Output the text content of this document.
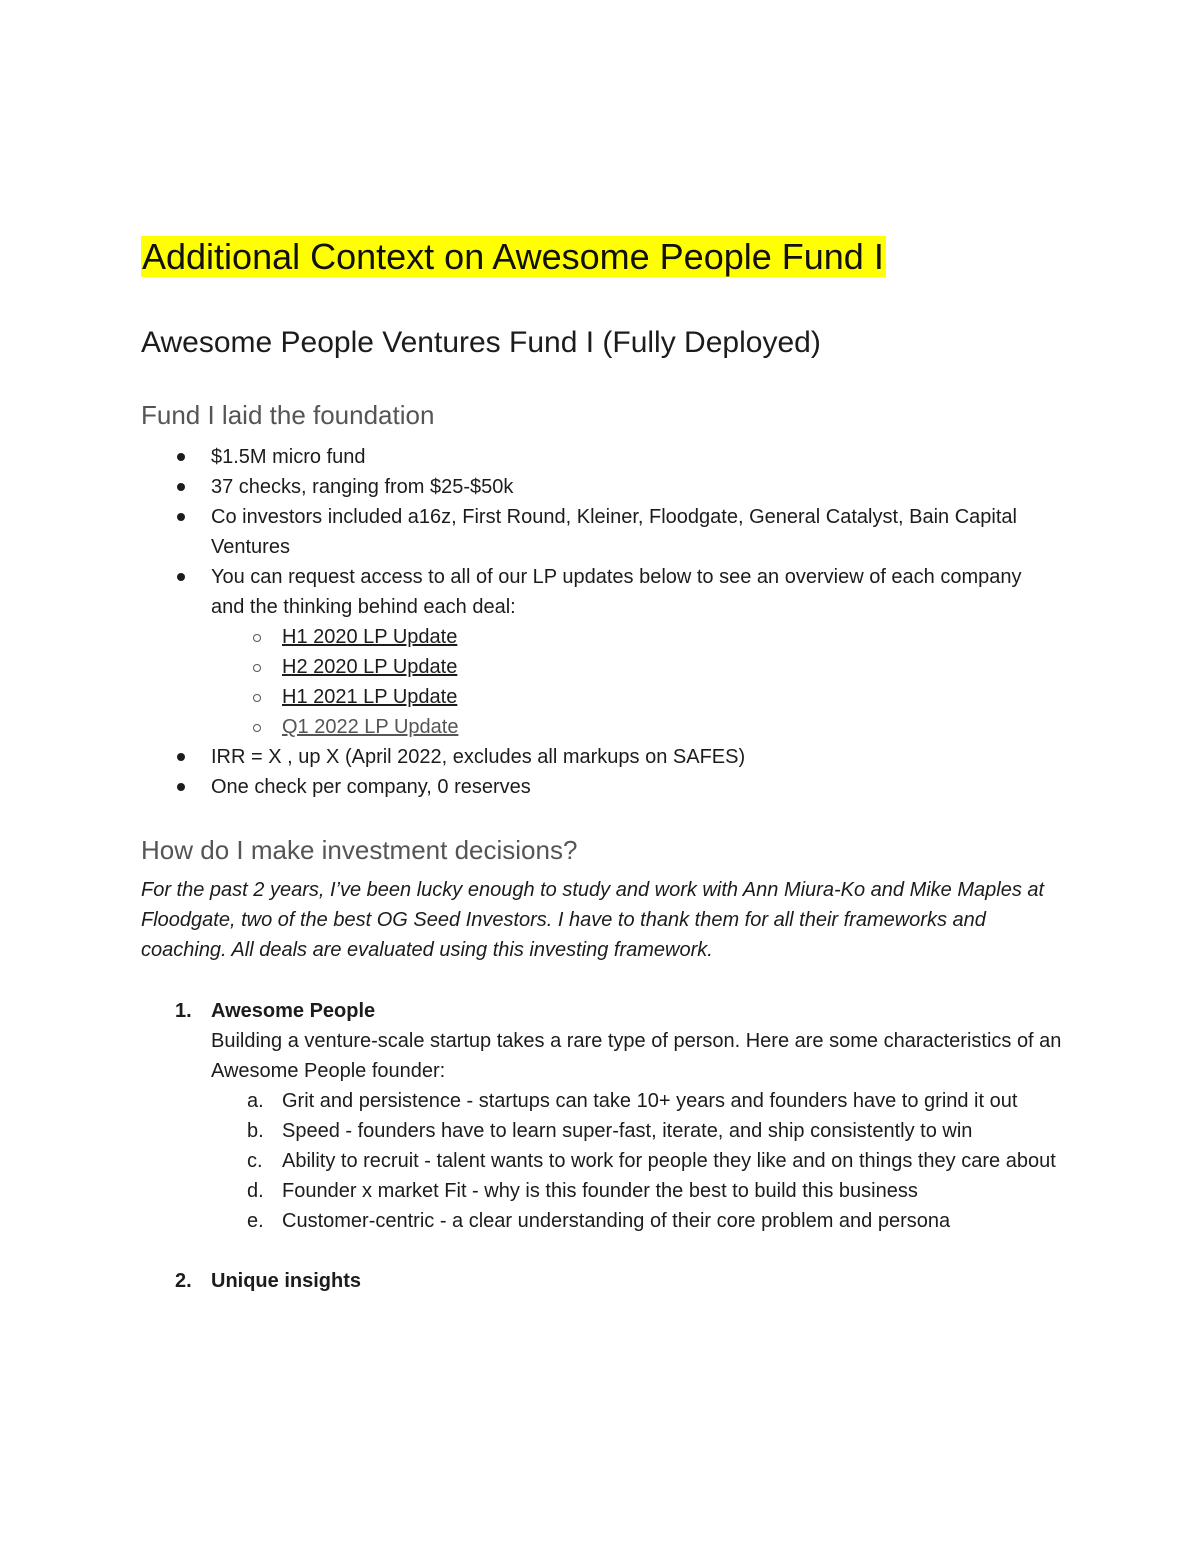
Additional Context on Awesome People Fund I
Awesome People Ventures Fund I (Fully Deployed)
Fund I laid the foundation
$1.5M micro fund
37 checks, ranging from $25-$50k
Co investors included a16z, First Round, Kleiner, Floodgate, General Catalyst, Bain Capital Ventures
You can request access to all of our LP updates below to see an overview of each company and the thinking behind each deal:
H1 2020 LP Update
H2 2020 LP Update
H1 2021 LP Update
Q1 2022 LP Update
IRR = X , up X (April 2022, excludes all markups on SAFES)
One check per company, 0 reserves
How do I make investment decisions?

For the past 2 years, I’ve been lucky enough to study and work with Ann Miura-Ko and Mike Maples at Floodgate, two of the best OG Seed Investors. I have to thank them for all their frameworks and coaching. All deals are evaluated using this investing framework.

1. Awesome People
Building a venture-scale startup takes a rare type of person. Here are some characteristics of an Awesome People founder:
a. Grit and persistence - startups can take 10+ years and founders have to grind it out
b. Speed - founders have to learn super-fast, iterate, and ship consistently to win
c. Ability to recruit - talent wants to work for people they like and on things they care about
d. Founder x market Fit - why is this founder the best to build this business
e. Customer-centric - a clear understanding of their core problem and persona
2. Unique insights
